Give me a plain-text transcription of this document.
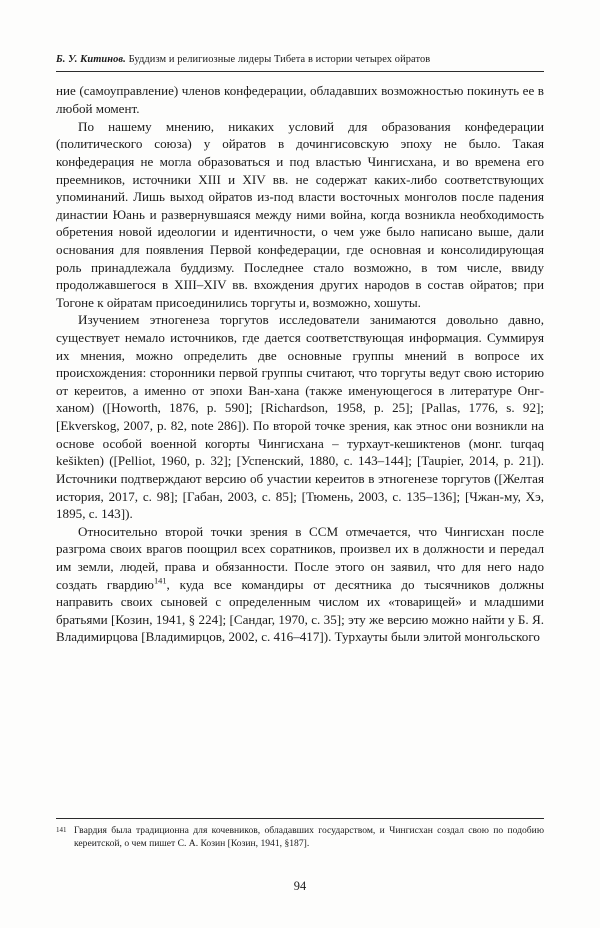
Б. У. Китинов. Буддизм и религиозные лидеры Тибета в истории четырех ойратов

ние (самоуправление) членов конфедерации, обладавших возможностью покинуть ее в любой момент.

По нашему мнению, никаких условий для образования конфедерации (политического союза) у ойратов в дочингисовскую эпоху не было. Такая конфедерация не могла образоваться и под властью Чингисхана, и во времена его преемников, источники XIII и XIV вв. не содержат каких-либо соответствующих упоминаний. Лишь выход ойратов из-под власти восточных монголов после падения династии Юань и развернувшаяся между ними война, когда возникла необходимость обретения новой идеологии и идентичности, о чем уже было написано выше, дали основания для появления Первой конфедерации, где основная и консолидирующая роль принадлежала буддизму. Последнее стало возможно, в том числе, ввиду продолжавшегося в XIII–XIV вв. вхождения других народов в состав ойратов; при Тогоне к ойратам присоединились торгуты и, возможно, хошуты.

Изучением этногенеза торгутов исследователи занимаются довольно давно, существует немало источников, где дается соответствующая информация. Суммируя их мнения, можно определить две основные группы мнений в вопросе их происхождения: сторонники первой группы считают, что торгуты ведут свою историю от кереитов, а именно от эпохи Ван-хана (также именующегося в литературе Онг-ханом) ([Howorth, 1876, p. 590]; [Richardson, 1958, p. 25]; [Pallas, 1776, s. 92]; [Ekverskog, 2007, p. 82, note 286]). По второй точке зрения, как этнос они возникли на основе особой военной когорты Чингисхана – турхаут-кешиктенов (монг. turqaq kešikten) ([Pelliot, 1960, p. 32]; [Успенский, 1880, с. 143–144]; [Taupier, 2014, p. 21]). Источники подтверждают версию об участии кереитов в этногенезе торгутов ([Желтая история, 2017, с. 98]; [Габан, 2003, с. 85]; [Тюмень, 2003, с. 135–136]; [Чжан-му, Хэ, 1895, с. 143]).

Относительно второй точки зрения в ССМ отмечается, что Чингисхан после разгрома своих врагов поощрил всех соратников, произвел их в должности и передал им земли, людей, права и обязанности. После этого он заявил, что для него надо создать гвардию$^{141}$, куда все командиры от десятника до тысячников должны направить своих сыновей с определенным числом их «товарищей» и младшими братьями [Козин, 1941, § 224]; [Сандаг, 1970, с. 35]; эту же версию можно найти у Б. Я. Владимирцова [Владимирцов, 2002, с. 416–417]). Турхауты были элитой монгольского

141 Гвардия была традиционна для кочевников, обладавших государством, и Чингисхан создал свою по подобию кереитской, о чем пишет С. А. Козин [Козин, 1941, §187].
94
